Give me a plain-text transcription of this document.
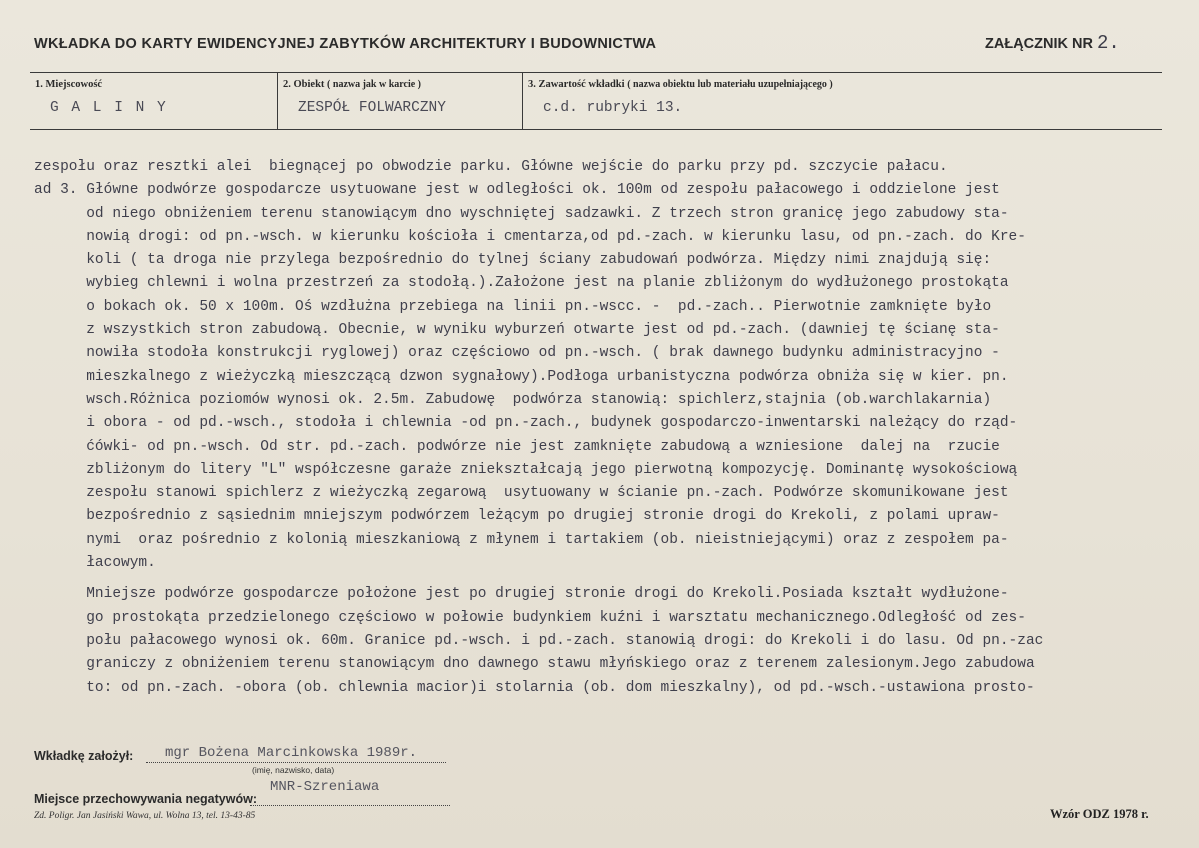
WKŁADKA DO KARTY EWIDENCYJNEJ ZABYTKÓW ARCHITEKTURY I BUDOWNICTWA	ZAŁĄCZNIK NR 2.
1. Miejscowość
G A L I N Y
2. Obiekt ( nazwa jak w karcie )
ZESPÓŁ FOLWARCZNY
3. Zawartość wkładki ( nazwa obiektu lub materiału uzupełniającego )
c.d. rubryki 13.
zespołu oraz resztki alei  biegnącej po obwodzie parku. Główne wejście do parku przy pd. szczycie pałacu.
ad 3. Główne podwórze gospodarcze usytuowane jest w odległości ok. 100m od zespołu pałacowego i oddzielone jest
od niego obniżeniem terenu stanowiącym dno wyschniętej sadzawki. Z trzech stron granicę jego zabudowy sta-
nowią drogi: od pn.-wsch. w kierunku kościoła i cmentarza,od pd.-zach. w kierunku lasu, od pn.-zach. do Kre-
koli ( ta droga nie przylega bezpośrednio do tylnej ściany zabudowań podwórza. Między nimi znajdują się:
wybieg chlewni i wolna przestrzeń za stodołą.).Założone jest na planie zbliżonym do wydłużonego prostokąta
o bokach ok. 50 x 100m. Oś wzdłużna przebiega na linii pn.-wscc. -  pd.-zach.. Pierwotnie zamknięte było
z wszystkich stron zabudową. Obecnie, w wyniku wyburzeń otwarte jest od pd.-zach. (dawniej tę ścianę sta-
nowiła stodoła konstrukcji ryglowej) oraz częściowo od pn.-wsch. ( brak dawnego budynku administracyjno -
mieszkalnego z wieżyczką mieszczącą dzwon sygnałowy).Podłoga urbanistyczna podwórza obniża się w kier. pn.
wsch.Różnica poziomów wynosi ok. 2.5m. Zabudowę  podwórza stanowią: spichlerz,stajnia (ob.warchlakarnia)
i obora - od pd.-wsch., stodoła i chlewnia -od pn.-zach., budynek gospodarczo-inwentarski należący do rząd-
ćówki- od pn.-wsch. Od str. pd.-zach. podwórze nie jest zamknięte zabudową a wzniesione  dalej na  rzucie
zbliżonym do litery "L" współczesne garaże zniekształcają jego pierwotną kompozycję. Dominantę wysokościową
zespołu stanowi spichlerz z wieżyczką zegarową  usytuowany w ścianie pn.-zach. Podwórze skomunikowane jest
bezpośrednio z sąsiednim mniejszym podwórzem leżącym po drugiej stronie drogi do Krekoli, z polami upraw-
nymi  oraz pośrednio z kolonią mieszkaniową z młynem i tartakiem (ob. nieistniejącymi) oraz z zespołem pa-
łacowym.
Mniejsze podwórze gospodarcze położone jest po drugiej stronie drogi do Krekoli.Posiada kształt wydłużone-
go prostokąta przedzielonego częściowo w połowie budynkiem kuźni i warsztatu mechanicznego.Odległość od zes-
połu pałacowego wynosi ok. 60m. Granice pd.-wsch. i pd.-zach. stanowią drogi: do Krekoli i do lasu. Od pn.-zac
graniczy z obniżeniem terenu stanowiącym dno dawnego stawu młyńskiego oraz z terenem zalesionym.Jego zabudowa
to: od pn.-zach. -obora (ob. chlewnia macior)i stolarnia (ob. dom mieszkalny), od pd.-wsch.-ustawiona prosto-
Wkładkę założył: mgr Bożena Marcinkowska 1989r.
(imię, nazwisko, data)
Miejsce przechowywania negatywów:
MNR-Szreniawa
Zd. Poligr. Jan Jasiński Wawa, ul. Wolna 13, tel. 13-43-85	Wzór ODZ 1978 r.
